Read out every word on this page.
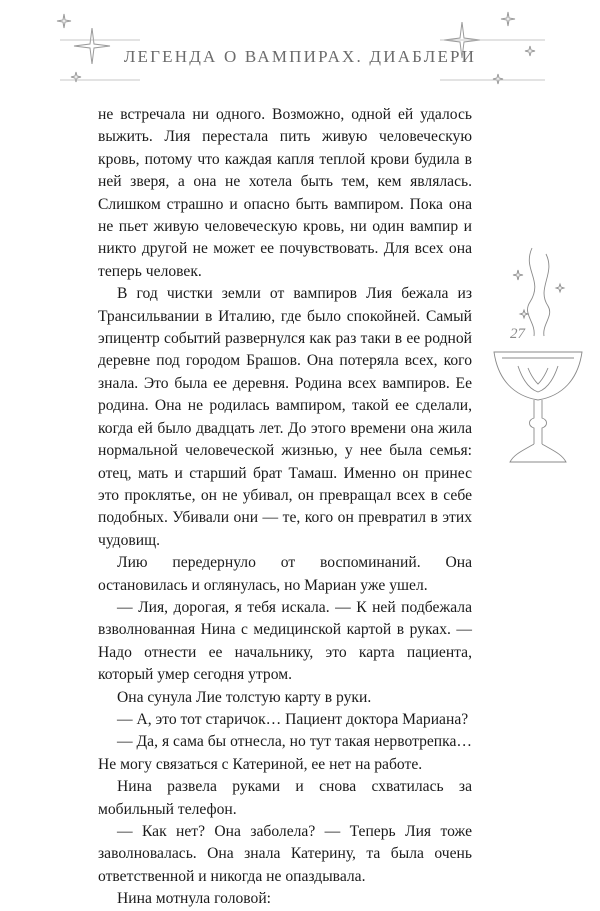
ЛЕГЕНДА О ВАМПИРАХ. ДИАБЛЕРИ

не встречала ни одного. Возможно, одной ей удалось выжить. Лия перестала пить живую человеческую кровь, потому что каждая капля теплой крови будила в ней зверя, а она не хотела быть тем, кем являлась. Слишком страшно и опасно быть вампиром. Пока она не пьет живую человеческую кровь, ни один вампир и никто другой не может ее почувствовать. Для всех она теперь человек.

В год чистки земли от вампиров Лия бежала из Трансильвании в Италию, где было спокойней. Самый эпицентр событий развернулся как раз таки в ее родной деревне под городом Брашов. Она потеряла всех, кого знала. Это была ее деревня. Родина всех вампиров. Ее родина. Она не родилась вампиром, такой ее сделали, когда ей было двадцать лет. До этого времени она жила нормальной человеческой жизнью, у нее была семья: отец, мать и старший брат Тамаш. Именно он принес это проклятье, он не убивал, он превращал всех в себе подобных. Убивали они — те, кого он превратил в этих чудовищ.

Лию передернуло от воспоминаний. Она остановилась и оглянулась, но Мариан уже ушел.

— Лия, дорогая, я тебя искала. — К ней подбежала взволнованная Нина с медицинской картой в руках. — Надо отнести ее начальнику, это карта пациента, который умер сегодня утром.

Она сунула Лие толстую карту в руки.

— А, это тот старичок… Пациент доктора Мариана?

— Да, я сама бы отнесла, но тут такая нервотрепка… Не могу связаться с Катериной, ее нет на работе.

Нина развела руками и снова схватилась за мобильный телефон.

— Как нет? Она заболела? — Теперь Лия тоже заволновалась. Она знала Катерину, та была очень ответственной и никогда не опаздывала.

Нина мотнула головой:

27
